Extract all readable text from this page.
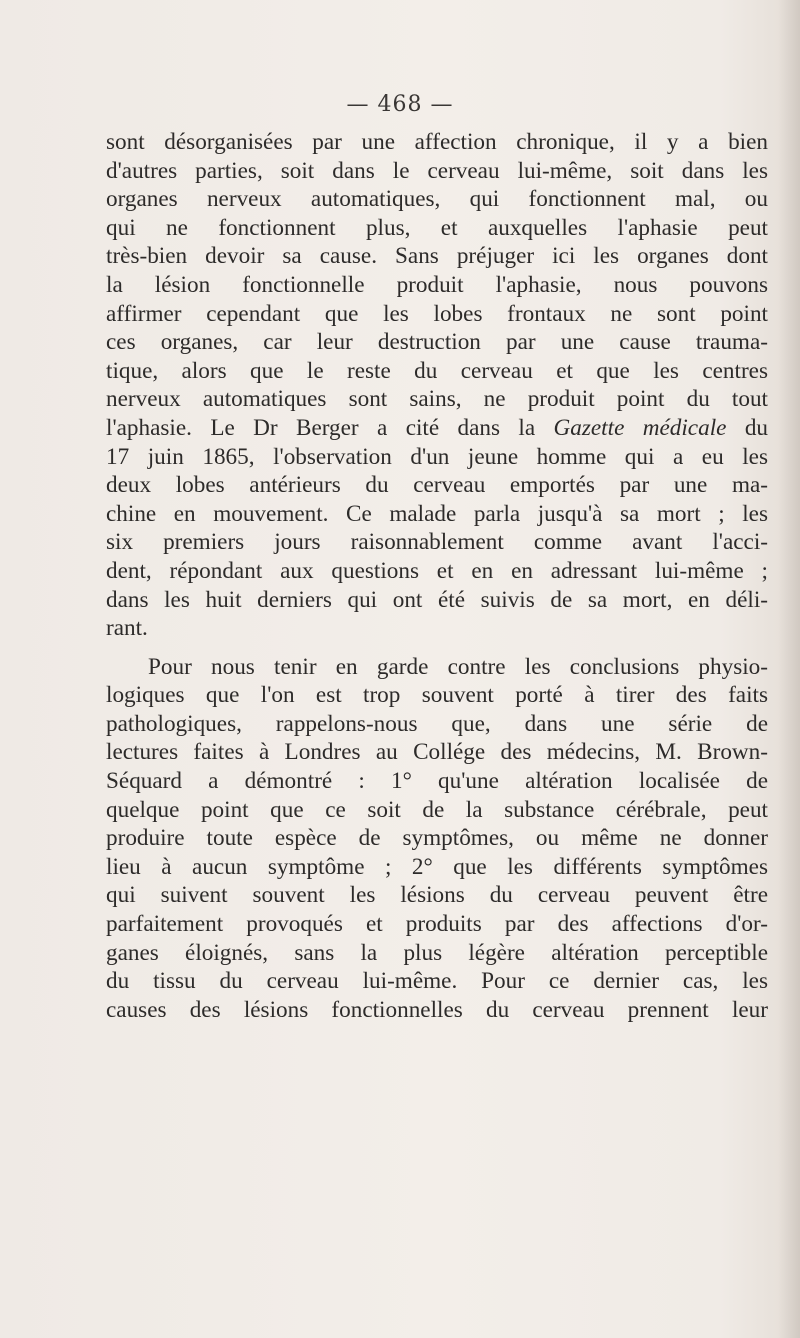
— 468 —
sont désorganisées par une affection chronique, il y a bien
d'autres parties, soit dans le cerveau lui-même, soit dans les
organes nerveux automatiques, qui fonctionnent mal, ou
qui ne fonctionnent plus, et auxquelles l'aphasie peut
très-bien devoir sa cause. Sans préjuger ici les organes dont
la lésion fonctionnelle produit l'aphasie, nous pouvons
affirmer cependant que les lobes frontaux ne sont point
ces organes, car leur destruction par une cause trauma-
tique, alors que le reste du cerveau et que les centres
nerveux automatiques sont sains, ne produit point du tout
l'aphasie. Le Dr Berger a cité dans la Gazette médicale du
17 juin 1865, l'observation d'un jeune homme qui a eu les
deux lobes antérieurs du cerveau emportés par une ma-
chine en mouvement. Ce malade parla jusqu'à sa mort ; les
six premiers jours raisonnablement comme avant l'acci-
dent, répondant aux questions et en en adressant lui-même ;
dans les huit derniers qui ont été suivis de sa mort, en déli-
rant.
Pour nous tenir en garde contre les conclusions physio-
logiques que l'on est trop souvent porté à tirer des faits
pathologiques, rappelons-nous que, dans une série de
lectures faites à Londres au Collége des médecins, M. Brown-
Séquard a démontré : 1° qu'une altération localisée de
quelque point que ce soit de la substance cérébrale, peut
produire toute espèce de symptômes, ou même ne donner
lieu à aucun symptôme ; 2° que les différents symptômes
qui suivent souvent les lésions du cerveau peuvent être
parfaitement provoqués et produits par des affections d'or-
ganes éloignés, sans la plus légère altération perceptible
du tissu du cerveau lui-même. Pour ce dernier cas, les
causes des lésions fonctionnelles du cerveau prennent leur
